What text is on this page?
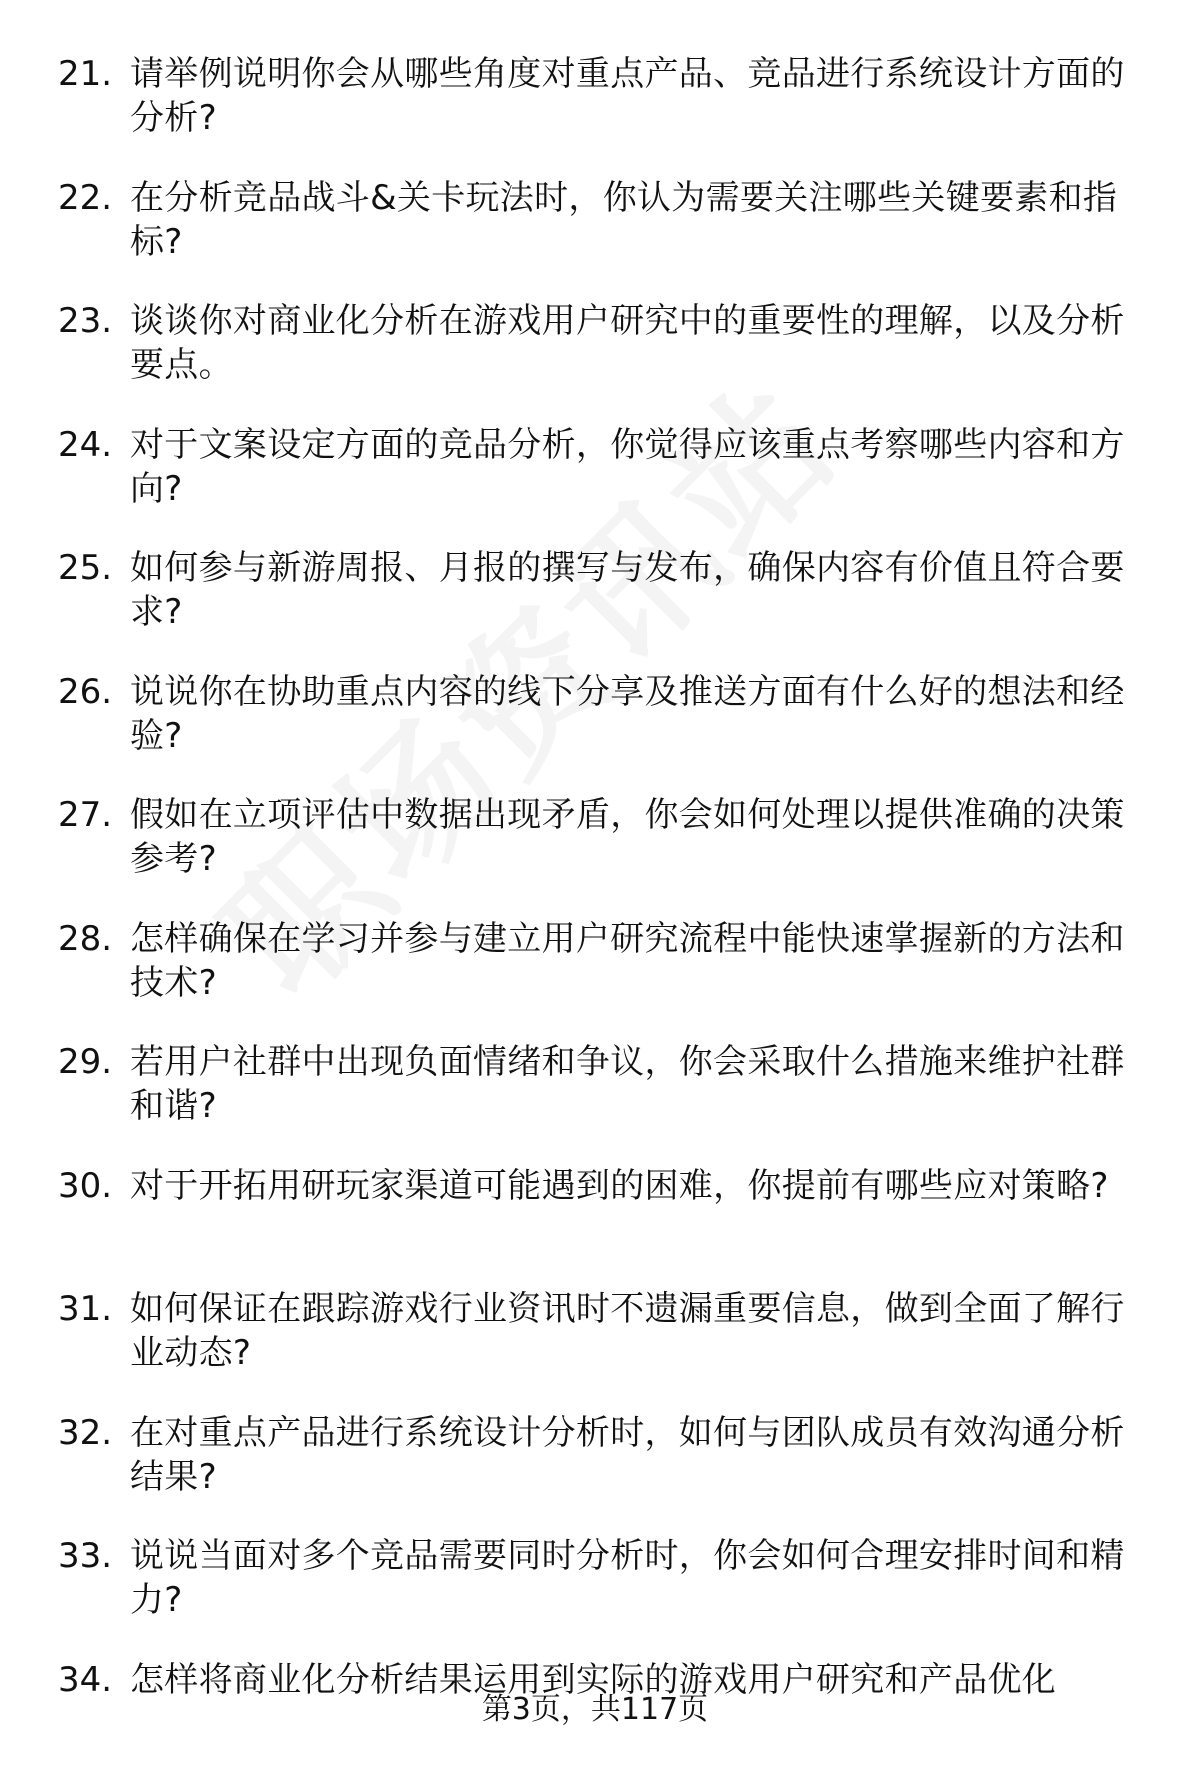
21. 请举例说明你会从哪些角度对重点产品、竞品进行系统设计方面的分析?
22. 在分析竞品战斗&关卡玩法时，你认为需要关注哪些关键要素和指标?
23. 谈谈你对商业化分析在游戏用户研究中的重要性的理解，以及分析要点。
24. 对于文案设定方面的竞品分析，你觉得应该重点考察哪些内容和方向?
25. 如何参与新游周报、月报的撰写与发布，确保内容有价值且符合要求?
26. 说说你在协助重点内容的线下分享及推送方面有什么好的想法和经验?
27. 假如在立项评估中数据出现矛盾，你会如何处理以提供准确的决策参考?
28. 怎样确保在学习并参与建立用户研究流程中能快速掌握新的方法和技术?
29. 若用户社群中出现负面情绪和争议，你会采取什么措施来维护社群和谐?
30. 对于开拓用研玩家渠道可能遇到的困难，你提前有哪些应对策略?
31. 如何保证在跟踪游戏行业资讯时不遗漏重要信息，做到全面了解行业动态?
32. 在对重点产品进行系统设计分析时，如何与团队成员有效沟通分析结果?
33. 说说当面对多个竞品需要同时分析时，你会如何合理安排时间和精力?
34. 怎样将商业化分析结果运用到实际的游戏用户研究和产品优化
第3页，共117页
